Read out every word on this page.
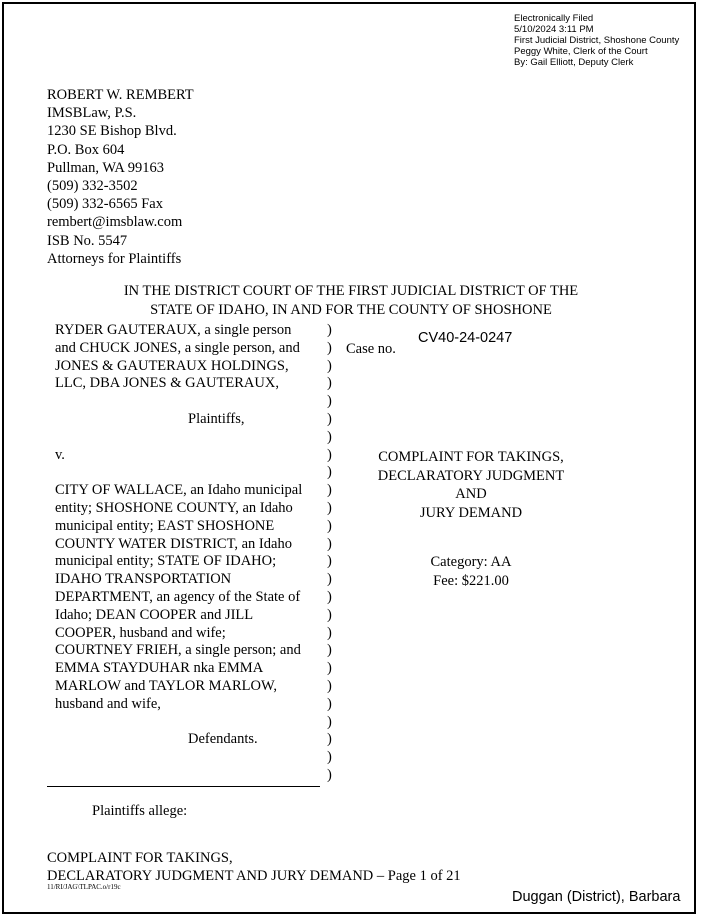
Electronically Filed
5/10/2024 3:11 PM
First Judicial District, Shoshone County
Peggy White, Clerk of the Court
By: Gail Elliott, Deputy Clerk
ROBERT W. REMBERT
IMSBLaw, P.S.
1230 SE Bishop Blvd.
P.O. Box 604
Pullman, WA 99163
(509) 332-3502
(509) 332-6565 Fax
rembert@imsblaw.com
ISB No. 5547
Attorneys for Plaintiffs
IN THE DISTRICT COURT OF THE FIRST JUDICIAL DISTRICT OF THE
STATE OF IDAHO, IN AND FOR THE COUNTY OF SHOSHONE
RYDER GAUTERAUX, a single person
and CHUCK JONES, a single person, and
JONES & GAUTERAUX HOLDINGS,
LLC, DBA JONES & GAUTERAUX,
Plaintiffs,
v.
CITY OF WALLACE, an Idaho municipal
entity; SHOSHONE COUNTY, an Idaho
municipal entity; EAST SHOSHONE
COUNTY WATER DISTRICT, an Idaho
municipal entity; STATE OF IDAHO;
IDAHO TRANSPORTATION
DEPARTMENT, an agency of the State of
Idaho; DEAN COOPER and JILL
COOPER, husband and wife;
COURTNEY FRIEH, a single person; and
EMMA STAYDUHAR nka EMMA
MARLOW and TAYLOR MARLOW,
husband and wife,
Defendants.
)
)
)
)
)
)
)
)
)
)
)
)
)
)
)
)
)
)
)
)
)
)
)
)
)
)
Case no.
CV40-24-0247
COMPLAINT FOR TAKINGS,
DECLARATORY JUDGMENT
AND
JURY DEMAND
Category: AA
Fee: $221.00
Plaintiffs allege:
COMPLAINT FOR TAKINGS,
DECLARATORY JUDGMENT AND JURY DEMAND – Page 1 of 21
11/RI/JAG\TLPAC.o/r19c
Duggan (District), Barbara
